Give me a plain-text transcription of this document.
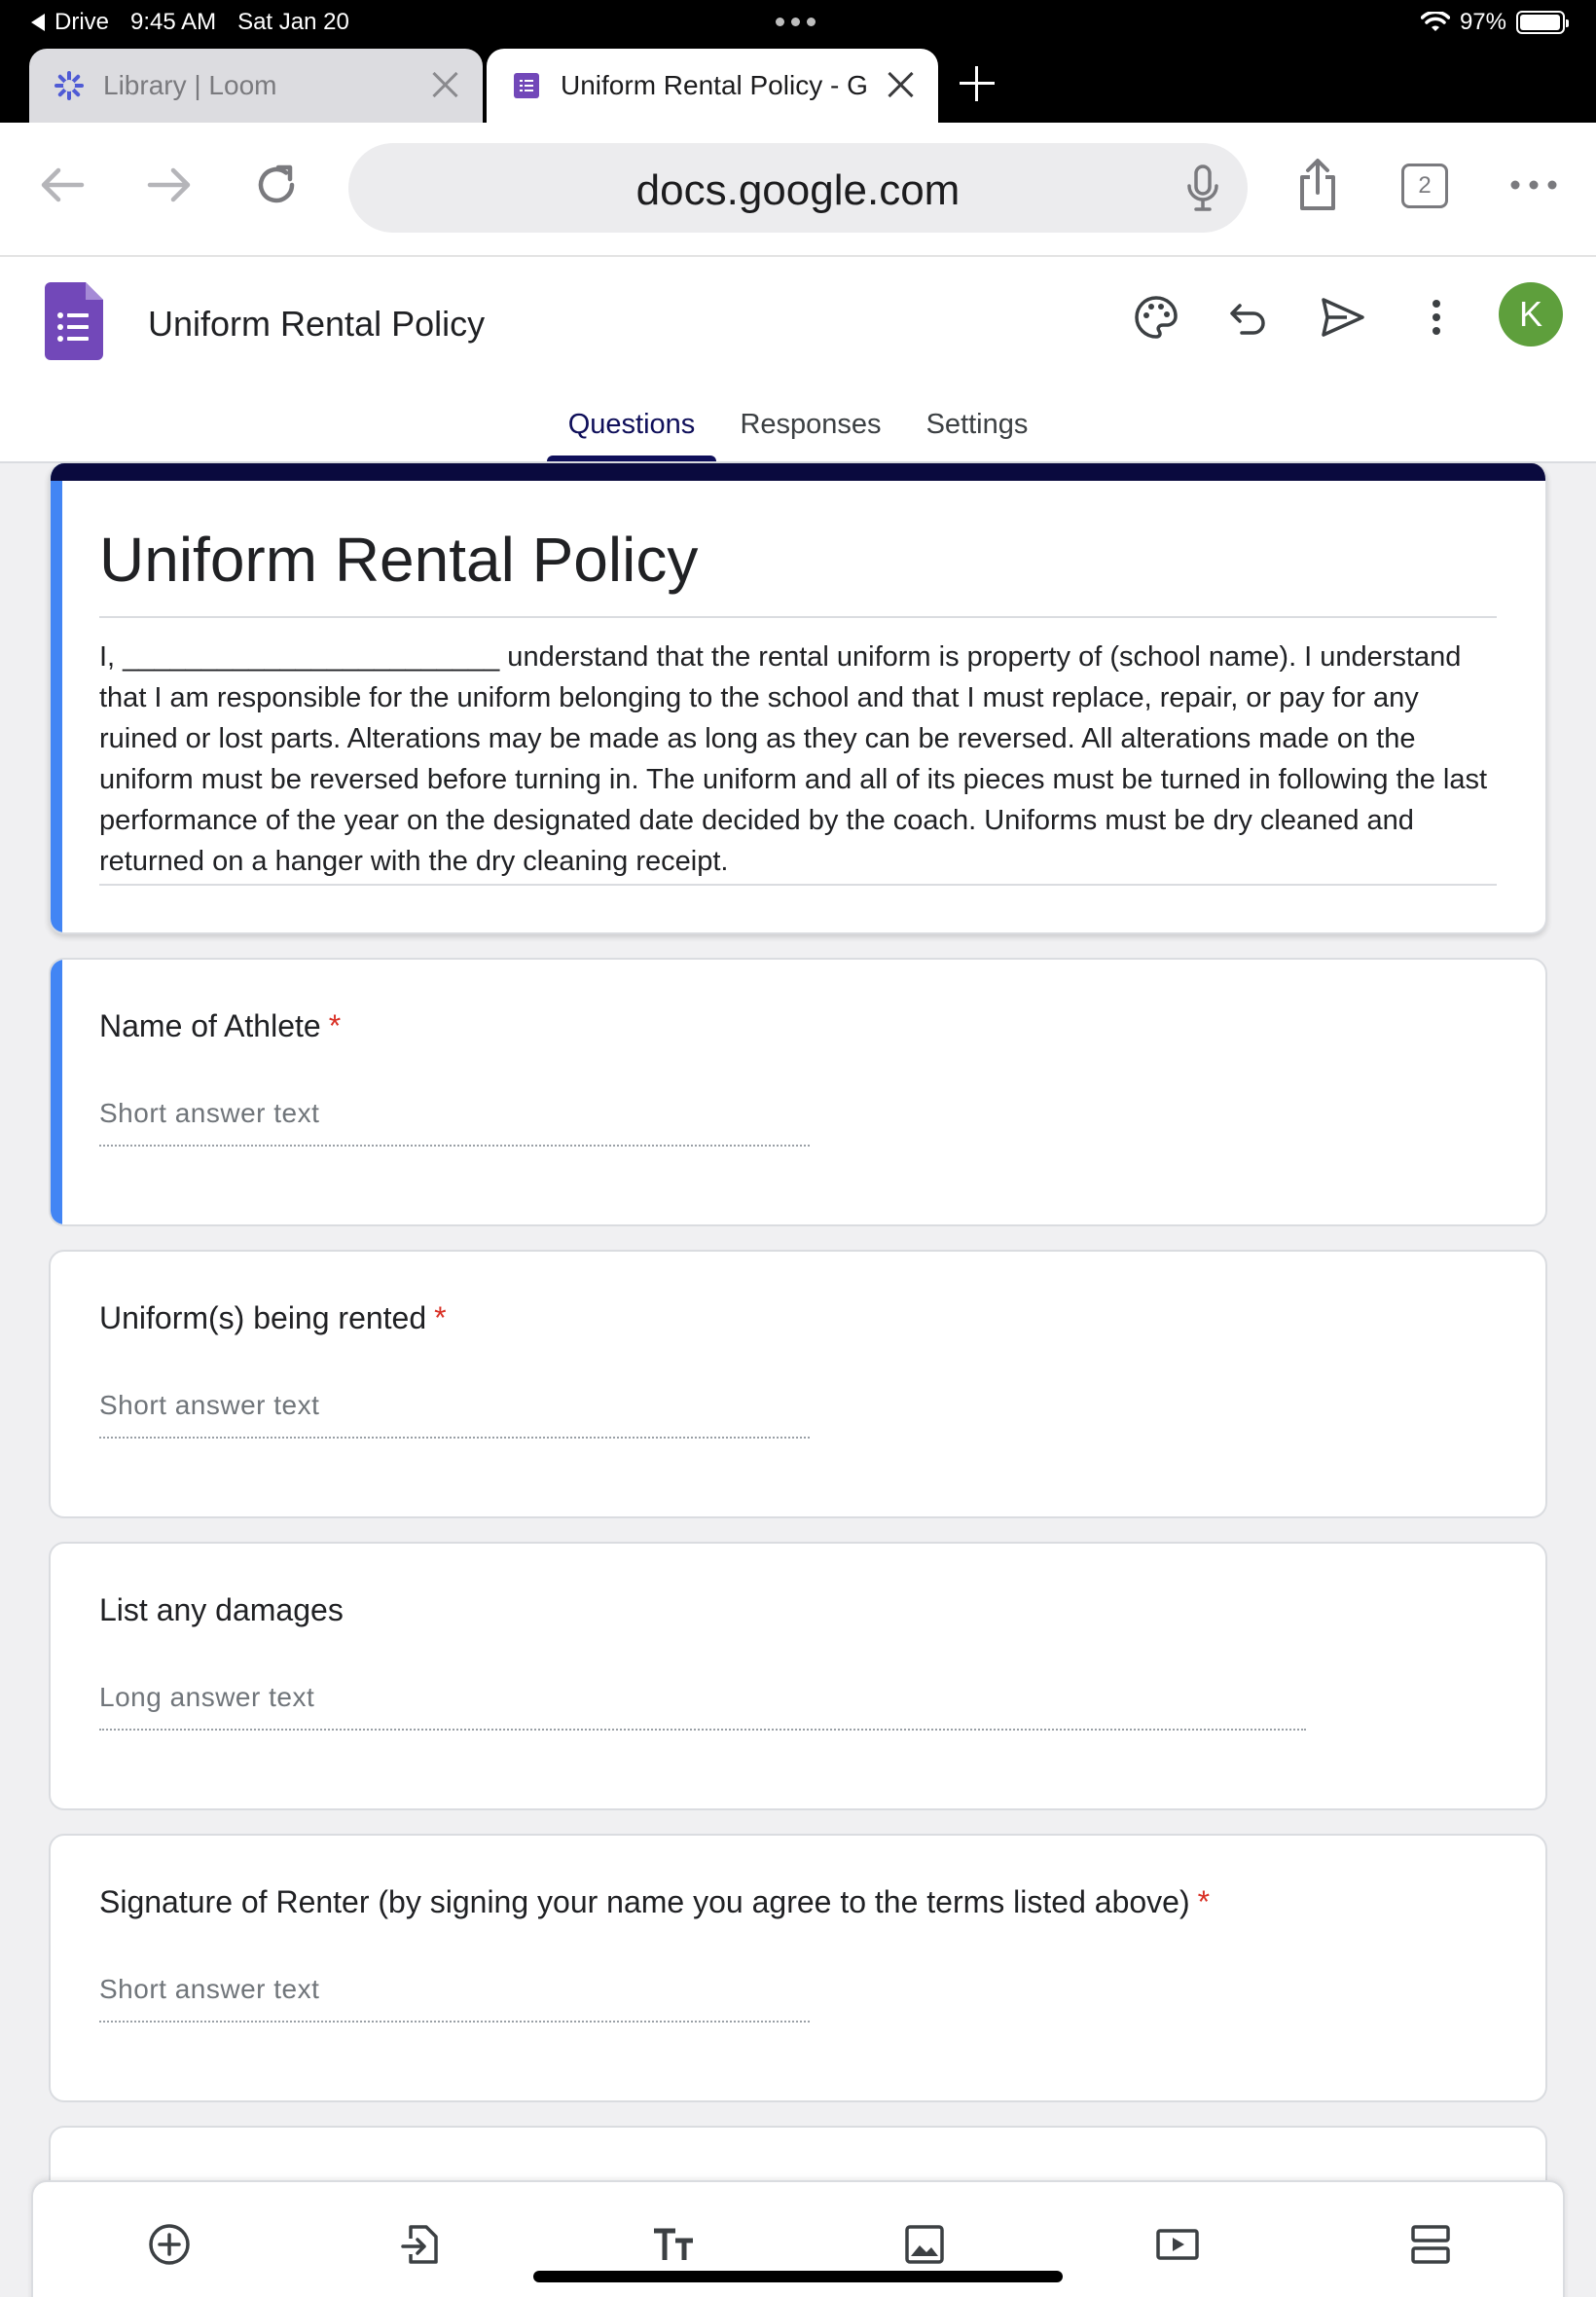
Drive 9:45 AM Sat Jan 20	97%
Library | Loom	Uniform Rental Policy - G
docs.google.com	2
Uniform Rental Policy	K
Questions	Responses	Settings
Uniform Rental Policy
I, ________________________ understand that the rental uniform is property of (school name). I understand that I am responsible for the uniform belonging to the school and that I must replace, repair, or pay for any ruined or lost parts. Alterations may be made as long as they can be reversed. All alterations made on the uniform must be reversed before turning in. The uniform and all of its pieces must be turned in following the last performance of the year on the designated date decided by the coach. Uniforms must be dry cleaned and returned on a hanger with the dry cleaning receipt.
Name of Athlete *
Short answer text
Uniform(s) being rented *
Short answer text
List any damages
Long answer text
Signature of Renter (by signing your name you agree to the terms listed above) *
Short answer text
